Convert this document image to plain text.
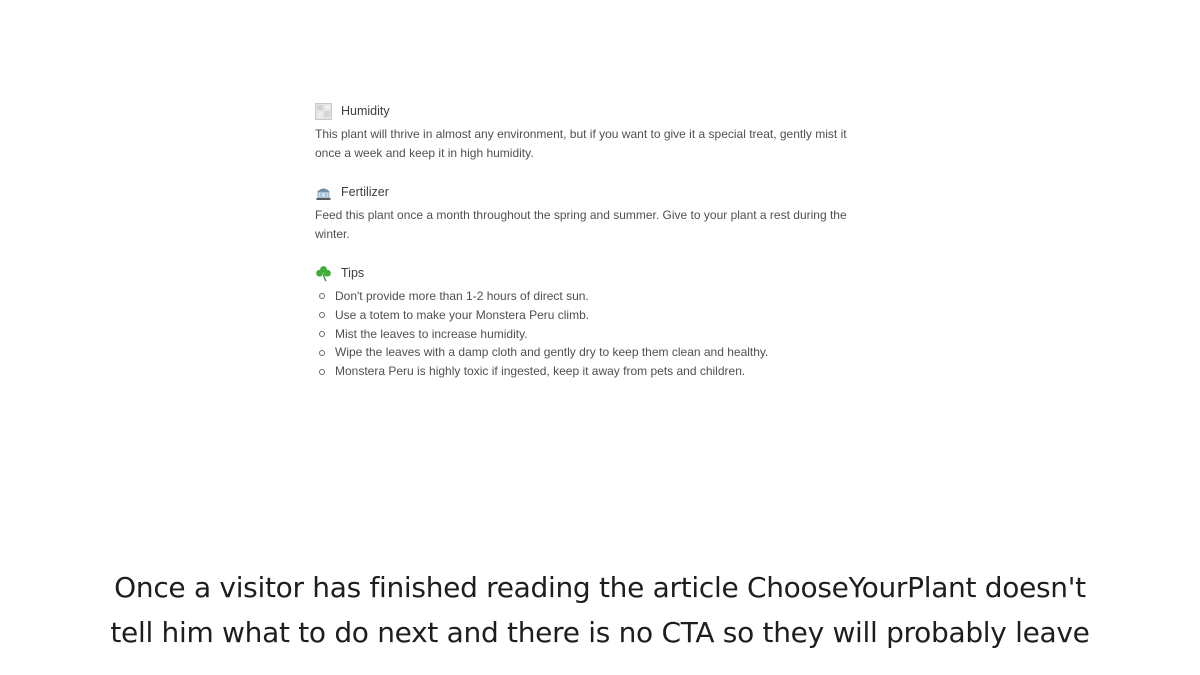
Humidity
This plant will thrive in almost any environment, but if you want to give it a special treat, gently mist it once a week and keep it in high humidity.
Fertilizer
Feed this plant once a month throughout the spring and summer. Give to your plant a rest during the winter.
Tips
Don't provide more than 1-2 hours of direct sun.
Use a totem to make your Monstera Peru climb.
Mist the leaves to increase humidity.
Wipe the leaves with a damp cloth and gently dry to keep them clean and healthy.
Monstera Peru is highly toxic if ingested, keep it away from pets and children.
Once a visitor has finished reading the article ChooseYourPlant doesn't
tell him what to do next and there is no CTA so they will probably leave
